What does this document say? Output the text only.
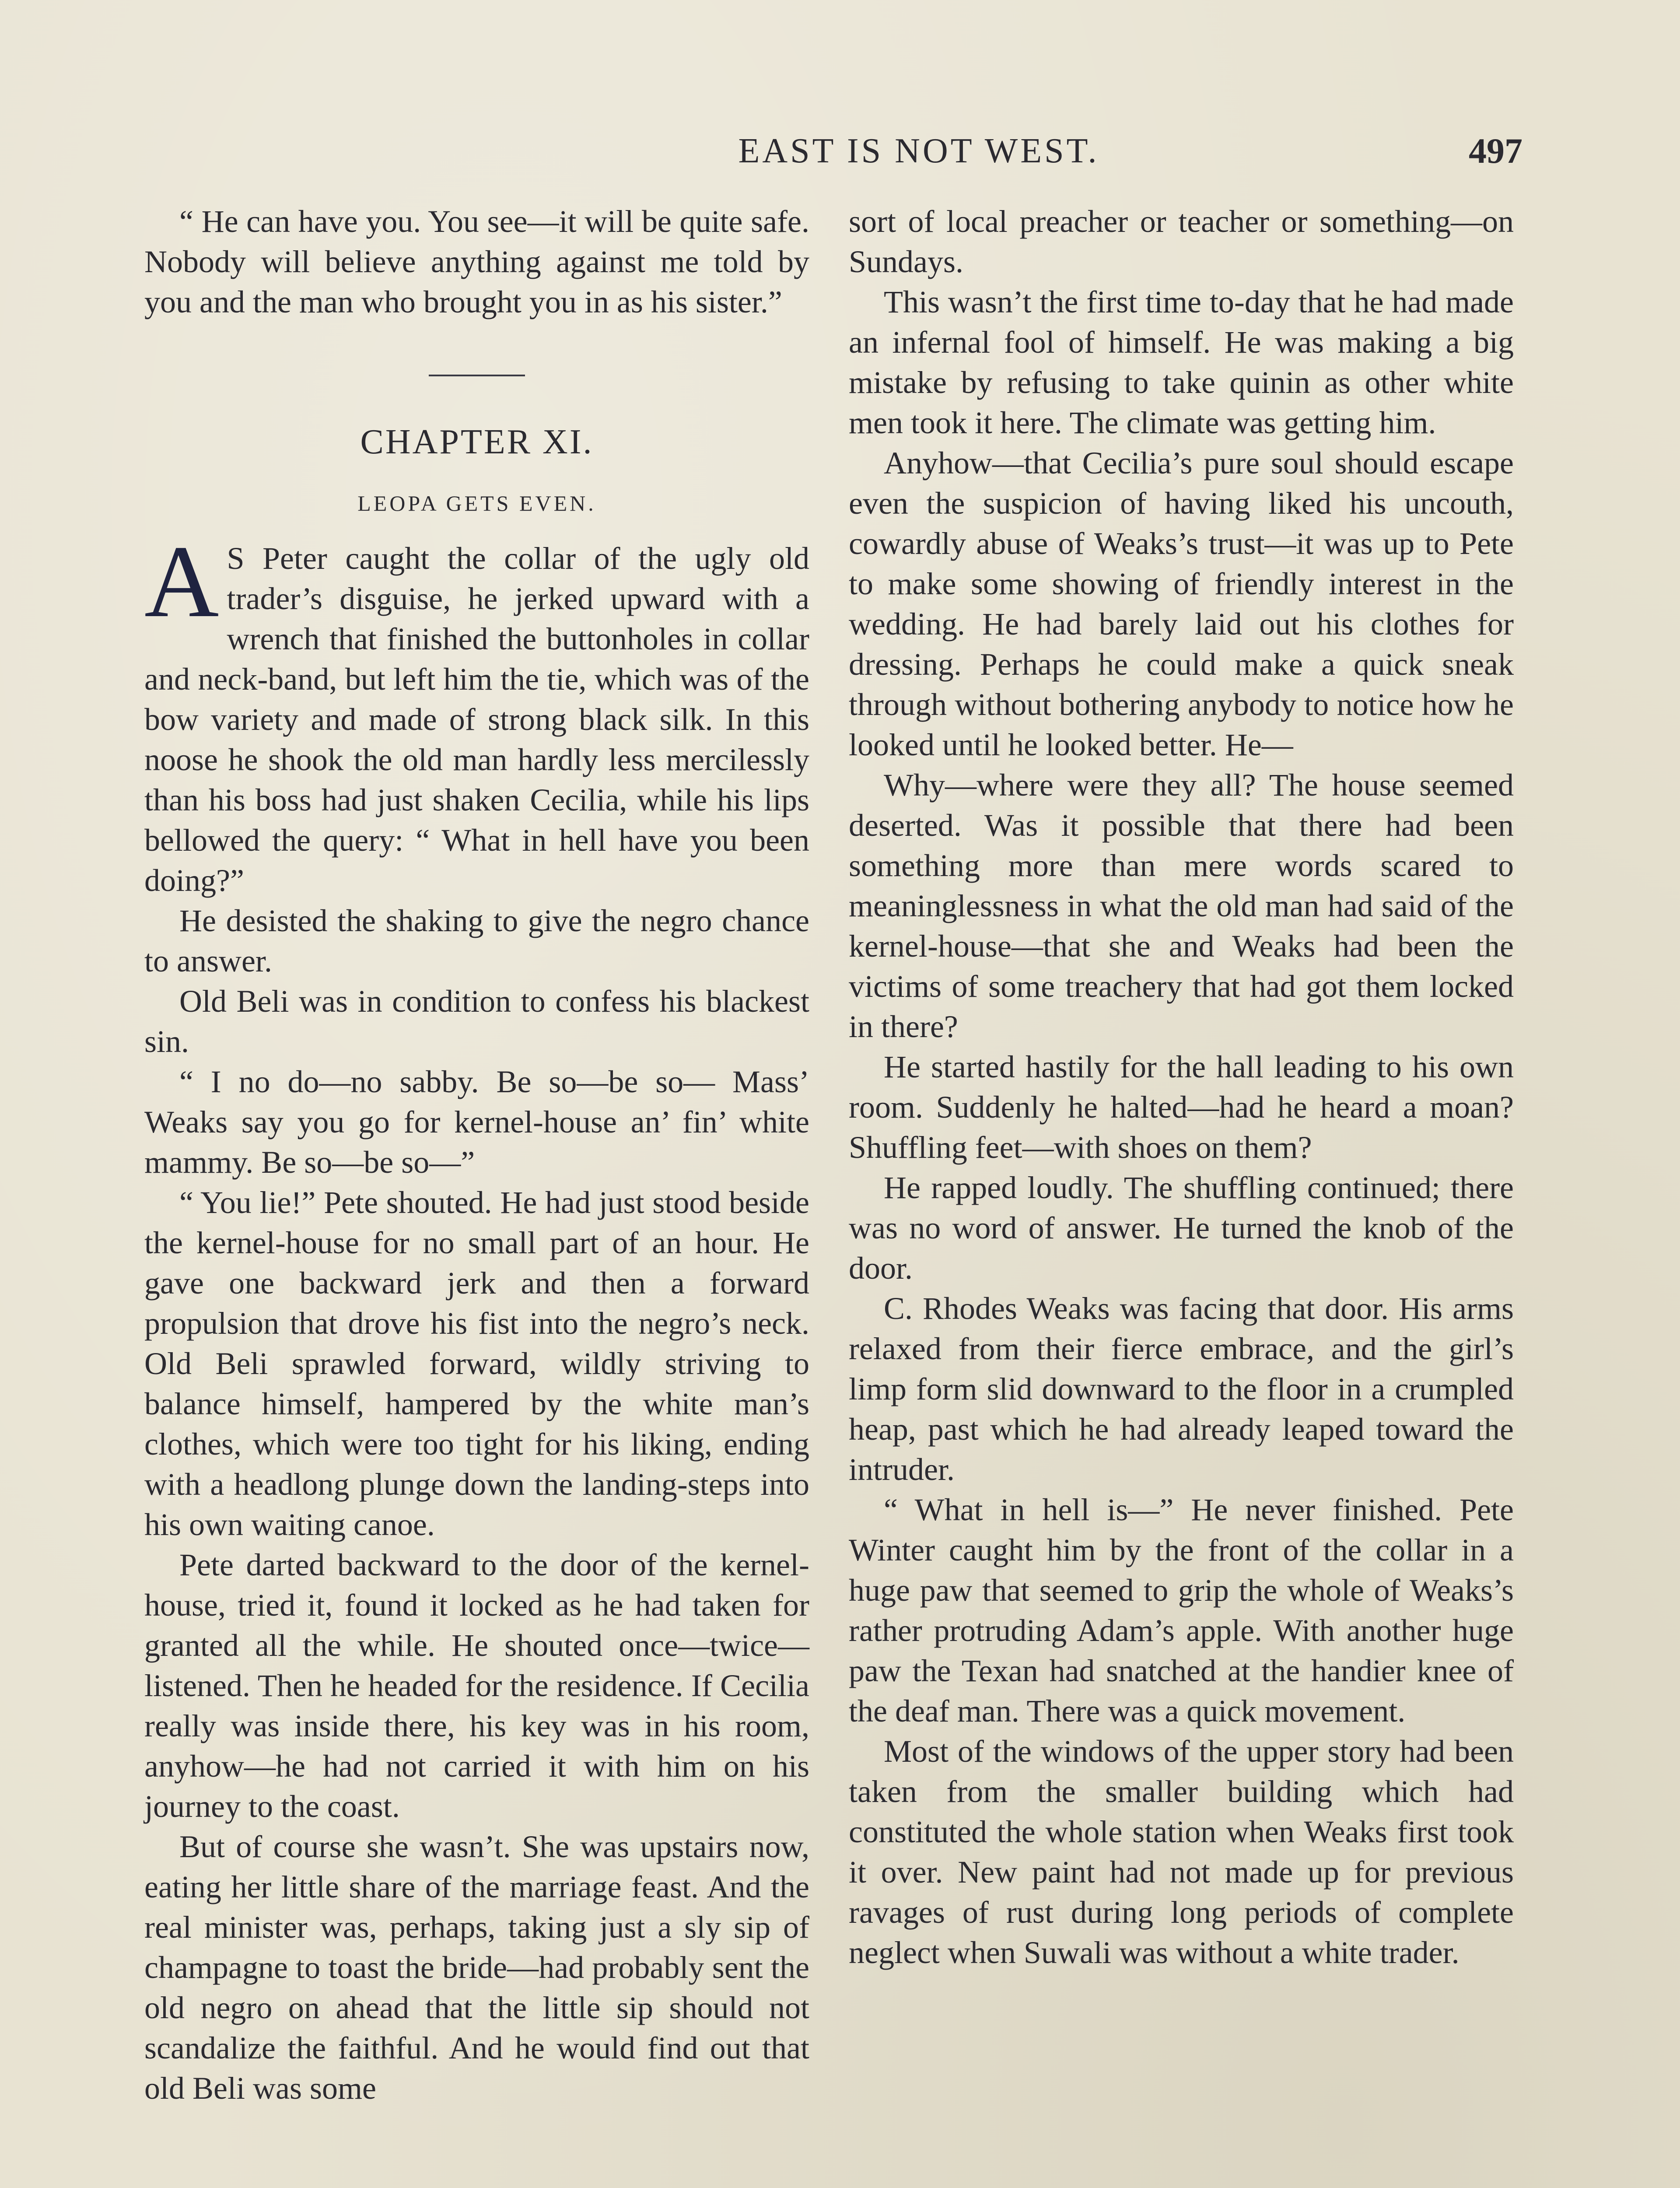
EAST IS NOT WEST.	497

“ He can have you. You see—it will be quite safe. Nobody will believe anything against me told by you and the man who brought you in as his sister.”

CHAPTER XI.
LEOPA GETS EVEN.

A S Peter caught the collar of the ugly old trader’s disguise, he jerked upward with a wrench that finished the buttonholes in collar and neck-band, but left him the tie, which was of the bow variety and made of strong black silk. In this noose he shook the old man hardly less mercilessly than his boss had just shaken Cecilia, while his lips bellowed the query: “ What in hell have you been doing?”

He desisted the shaking to give the negro chance to answer.

Old Beli was in condition to confess his blackest sin.

“ I no do—no sabby. Be so—be so— Mass’ Weaks say you go for kernel-house an’ fin’ white mammy. Be so—be so—”

“ You lie!” Pete shouted. He had just stood beside the kernel-house for no small part of an hour. He gave one backward jerk and then a forward propulsion that drove his fist into the negro’s neck. Old Beli sprawled forward, wildly striving to balance himself, hampered by the white man’s clothes, which were too tight for his liking, ending with a headlong plunge down the landing-steps into his own waiting canoe.

Pete darted backward to the door of the kernel-house, tried it, found it locked as he had taken for granted all the while. He shouted once—twice—listened. Then he headed for the residence. If Cecilia really was inside there, his key was in his room, anyhow—he had not carried it with him on his journey to the coast.

But of course she wasn’t. She was upstairs now, eating her little share of the marriage feast. And the real minister was, perhaps, taking just a sly sip of champagne to toast the bride—had probably sent the old negro on ahead that the little sip should not scandalize the faithful. And he would find out that old Beli was some

sort of local preacher or teacher or something—on Sundays.

This wasn’t the first time to-day that he had made an infernal fool of himself. He was making a big mistake by refusing to take quinin as other white men took it here. The climate was getting him.

Anyhow—that Cecilia’s pure soul should escape even the suspicion of having liked his uncouth, cowardly abuse of Weaks’s trust—it was up to Pete to make some showing of friendly interest in the wedding. He had barely laid out his clothes for dressing. Perhaps he could make a quick sneak through without bothering anybody to notice how he looked until he looked better. He—

Why—where were they all? The house seemed deserted. Was it possible that there had been something more than mere words scared to meaninglessness in what the old man had said of the kernel-house—that she and Weaks had been the victims of some treachery that had got them locked in there?

He started hastily for the hall leading to his own room. Suddenly he halted—had he heard a moan? Shuffling feet—with shoes on them?

He rapped loudly. The shuffling continued; there was no word of answer. He turned the knob of the door.

C. Rhodes Weaks was facing that door. His arms relaxed from their fierce embrace, and the girl’s limp form slid downward to the floor in a crumpled heap, past which he had already leaped toward the intruder.

“ What in hell is—” He never finished. Pete Winter caught him by the front of the collar in a huge paw that seemed to grip the whole of Weaks’s rather protruding Adam’s apple. With another huge paw the Texan had snatched at the handier knee of the deaf man. There was a quick movement.

Most of the windows of the upper story had been taken from the smaller building which had constituted the whole station when Weaks first took it over. New paint had not made up for previous ravages of rust during long periods of complete neglect when Suwali was without a white trader.
